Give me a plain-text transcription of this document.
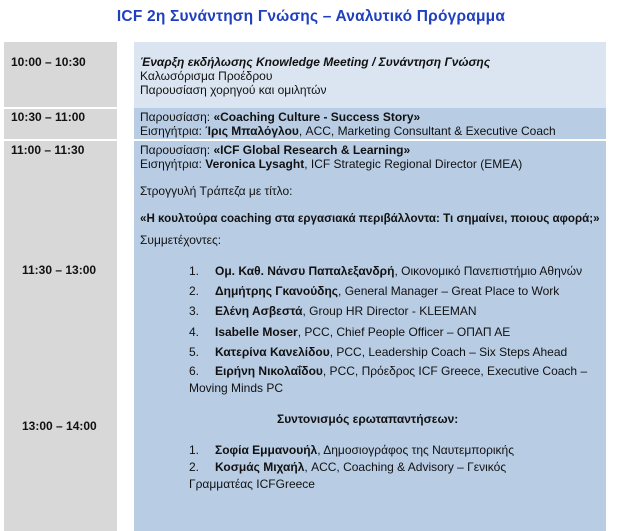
ICF 2η Συνάντηση Γνώσης – Αναλυτικό Πρόγραμμα
10:00 – 10:30
10:30 – 11:00
11:00 – 11:30
11:30 – 13:00
13:00 – 14:00
Έναρξη εκδήλωσης Knowledge Meeting / Συνάντηση Γνώσης
Καλωσόρισμα Προέδρου
Παρουσίαση χορηγού και ομιλητών
Παρουσίαση: «Coaching Culture - Success Story»
Εισηγήτρια: Ίρις Μπαλόγλου, ACC, Marketing Consultant & Executive Coach
Παρουσίαση: «ICF Global Research & Learning»
Εισηγήτρια: Veronica Lysaght, ICF Strategic Regional Director (EMEA)
Στρογγυλή Τράπεζα με τίτλο:
«Η κουλτούρα coaching στα εργασιακά περιβάλλοντα: Τι σημαίνει, ποιους αφορά;»
Συμμετέχοντες:
1. Ομ. Καθ. Νάνσυ Παπαλεξανδρή, Οικονομικό Πανεπιστήμιο Αθηνών
2. Δημήτρης Γκανούδης, General Manager – Great Place to Work
3. Ελένη Ασβεστά, Group HR Director - KLEEMAN
4. Isabelle Moser, PCC, Chief People Officer – ΟΠΑΠ ΑΕ
5. Κατερίνα Κανελίδου, PCC, Leadership Coach – Six Steps Ahead
6. Ειρήνη Νικολαΐδου, PCC, Πρόεδρος ICF Greece, Executive Coach –
Moving Minds PC
Συντονισμός ερωταπαντήσεων:
1. Σοφία Εμμανουήλ, Δημοσιογράφος της Ναυτεμπορικής
2. Κοσμάς Μιχαήλ, ACC, Coaching & Advisory – Γενικός
Γραμματέας ICFGreece
